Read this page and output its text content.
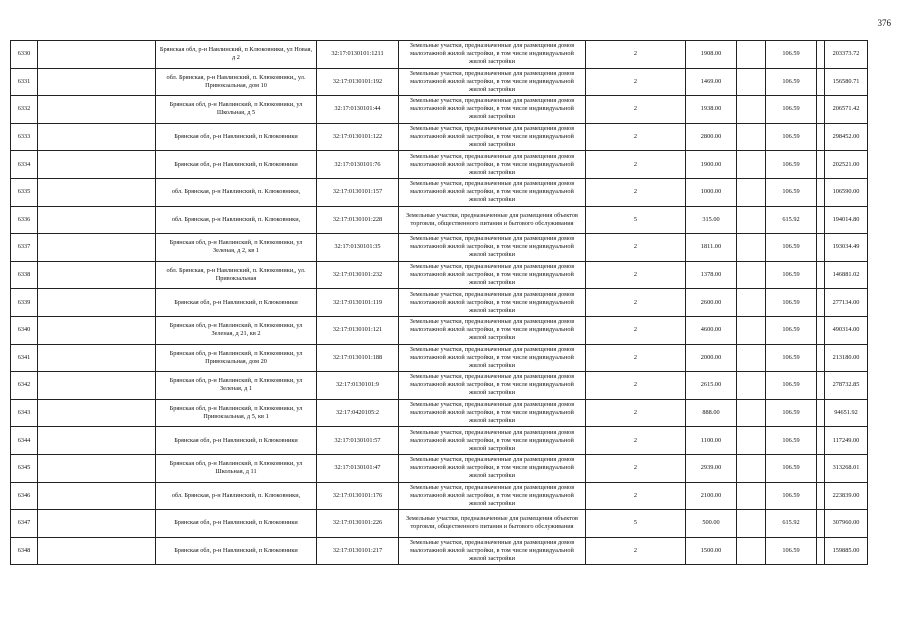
376
6330		Брянская обл, р-н Навлинский, п Клюковники, ул Новая, д 2	32:17:0130101:1211	Земельные участки, предназначенные для размещения домов малоэтажной жилой застройки, в том числе индивидуальной жилой застройки	2	1908.00		106.59		203373.72
6331		обл. Брянская, р-н Навлинский, п. Клюковники,, ул. Привокзальная, дом 10	32:17:0130101:192	Земельные участки, предназначенные для размещения домов малоэтажной жилой застройки, в том числе индивидуальной жилой застройки	2	1469.00		106.59		156580.71
6332		Брянская обл, р-н Навлинский, п Клюковники, ул Школьная, д 5	32:17:0130101:44	Земельные участки, предназначенные для размещения домов малоэтажной жилой застройки, в том числе индивидуальной жилой застройки	2	1938.00		106.59		206571.42
6333		Брянская обл, р-н Навлинский, п Клюковники	32:17:0130101:122	Земельные участки, предназначенные для размещения домов малоэтажной жилой застройки, в том числе индивидуальной жилой застройки	2	2800.00		106.59		298452.00
6334		Брянская обл, р-н Навлинский, п Клюковники	32:17:0130101:76	Земельные участки, предназначенные для размещения домов малоэтажной жилой застройки, в том числе индивидуальной жилой застройки	2	1900.00		106.59		202521.00
6335		обл. Брянская, р-н Навлинский, п. Клюковники,	32:17:0130101:157	Земельные участки, предназначенные для размещения домов малоэтажной жилой застройки, в том числе индивидуальной жилой застройки	2	1000.00		106.59		106590.00
6336		обл. Брянская, р-н Навлинский, п. Клюковники,	32:17:0130101:228	Земельные участки, предназначенные для размещения объектов торговли, общественного питания и бытового обслуживания	5	315.00		615.92		194014.80
6337		Брянская обл, р-н Навлинский, п Клюковники, ул Зеленая, д 2, кв 1	32:17:0130101:35	Земельные участки, предназначенные для размещения домов малоэтажной жилой застройки, в том числе индивидуальной жилой застройки	2	1811.00		106.59		193034.49
6338		обл. Брянская, р-н Навлинский, п. Клюковники,, ул. Привокзальная	32:17:0130101:232	Земельные участки, предназначенные для размещения домов малоэтажной жилой застройки, в том числе индивидуальной жилой застройки	2	1378.00		106.59		146881.02
6339		Брянская обл, р-н Навлинский, п Клюковники	32:17:0130101:119	Земельные участки, предназначенные для размещения домов малоэтажной жилой застройки, в том числе индивидуальной жилой застройки	2	2600.00		106.59		277134.00
6340		Брянская обл, р-н Навлинский, п Клюковники, ул Зеленая, д 21, кв 2	32:17:0130101:121	Земельные участки, предназначенные для размещения домов малоэтажной жилой застройки, в том числе индивидуальной жилой застройки	2	4600.00		106.59		490314.00
6341		Брянская обл, р-н Навлинский, п Клюковники, ул Привокзальная, дом 20	32:17:0130101:188	Земельные участки, предназначенные для размещения домов малоэтажной жилой застройки, в том числе индивидуальной жилой застройки	2	2000.00		106.59		213180.00
6342		Брянская обл, р-н Навлинский, п Клюковники, ул Зеленая, д 1	32:17:0130101:9	Земельные участки, предназначенные для размещения домов малоэтажной жилой застройки, в том числе индивидуальной жилой застройки	2	2615.00		106.59		278732.85
6343		Брянская обл, р-н Навлинский, п Клюковники, ул Привокзальная, д 5, кв 1	32:17:0420105:2	Земельные участки, предназначенные для размещения домов малоэтажной жилой застройки, в том числе индивидуальной жилой застройки	2	888.00		106.59		94651.92
6344		Брянская обл, р-н Навлинский, п Клюковники	32:17:0130101:57	Земельные участки, предназначенные для размещения домов малоэтажной жилой застройки, в том числе индивидуальной жилой застройки	2	1100.00		106.59		117249.00
6345		Брянская обл, р-н Навлинский, п Клюковники, ул Школьная, д 11	32:17:0130101:47	Земельные участки, предназначенные для размещения домов малоэтажной жилой застройки, в том числе индивидуальной жилой застройки	2	2939.00		106.59		313268.01
6346		обл. Брянская, р-н Навлинский, п. Клюковники,	32:17:0130101:176	Земельные участки, предназначенные для размещения домов малоэтажной жилой застройки, в том числе индивидуальной жилой застройки	2	2100.00		106.59		223839.00
6347		Брянская обл, р-н Навлинский, п Клюковники	32:17:0130101:226	Земельные участки, предназначенные для размещения объектов торговли, общественного питания и бытового обслуживания	5	500.00		615.92		307960.00
6348		Брянская обл, р-н Навлинский, п Клюковники	32:17:0130101:217	Земельные участки, предназначенные для размещения домов малоэтажной жилой застройки, в том числе индивидуальной жилой застройки	2	1500.00		106.59		159885.00
